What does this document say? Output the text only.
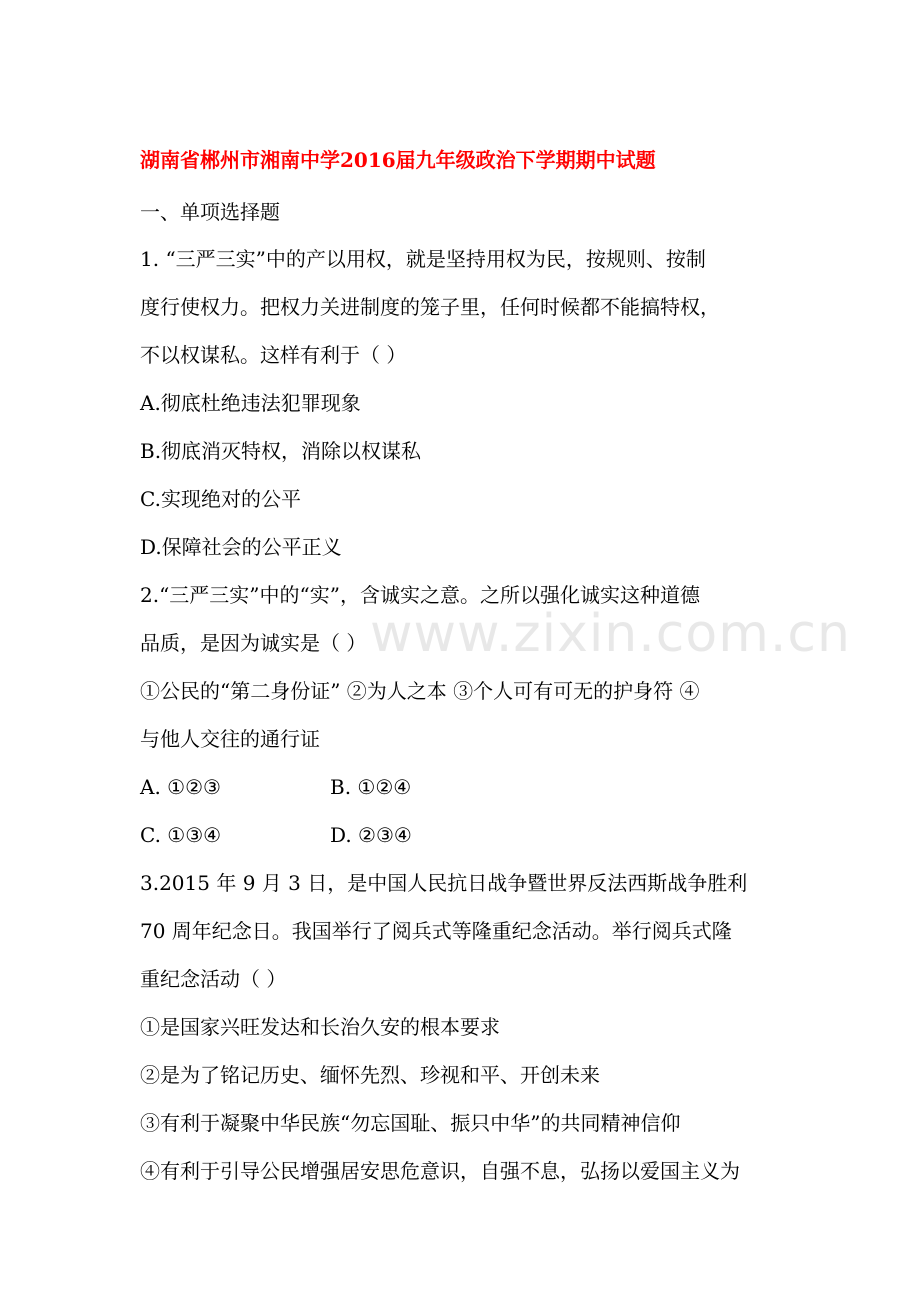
www.zixin.com.cn
湖南省郴州市湘南中学2016届九年级政治下学期期中试题
一、单项选择题
1. “三严三实”中的产以用权，就是坚持用权为民，按规则、按制
度行使权力。把权力关进制度的笼子里，任何时候都不能搞特权，
不以权谋私。这样有利于（ ）
A.彻底杜绝违法犯罪现象
B.彻底消灭特权，消除以权谋私
C.实现绝对的公平
D.保障社会的公平正义
2.“三严三实”中的“实”，含诚实之意。之所以强化诚实这种道德
品质，是因为诚实是（ ）
①公民的“第二身份证” ②为人之本 ③个人可有可无的护身符 ④
与他人交往的通行证
A. ①②③	B. ①②④
C. ①③④	D. ②③④
3.2015 年 9 月 3 日，是中国人民抗日战争暨世界反法西斯战争胜利
70 周年纪念日。我国举行了阅兵式等隆重纪念活动。举行阅兵式隆
重纪念活动（ ）
①是国家兴旺发达和长治久安的根本要求
②是为了铭记历史、缅怀先烈、珍视和平、开创未来
③有利于凝聚中华民族“勿忘国耻、振只中华”的共同精神信仰
④有利于引导公民增强居安思危意识，自强不息，弘扬以爱国主义为
